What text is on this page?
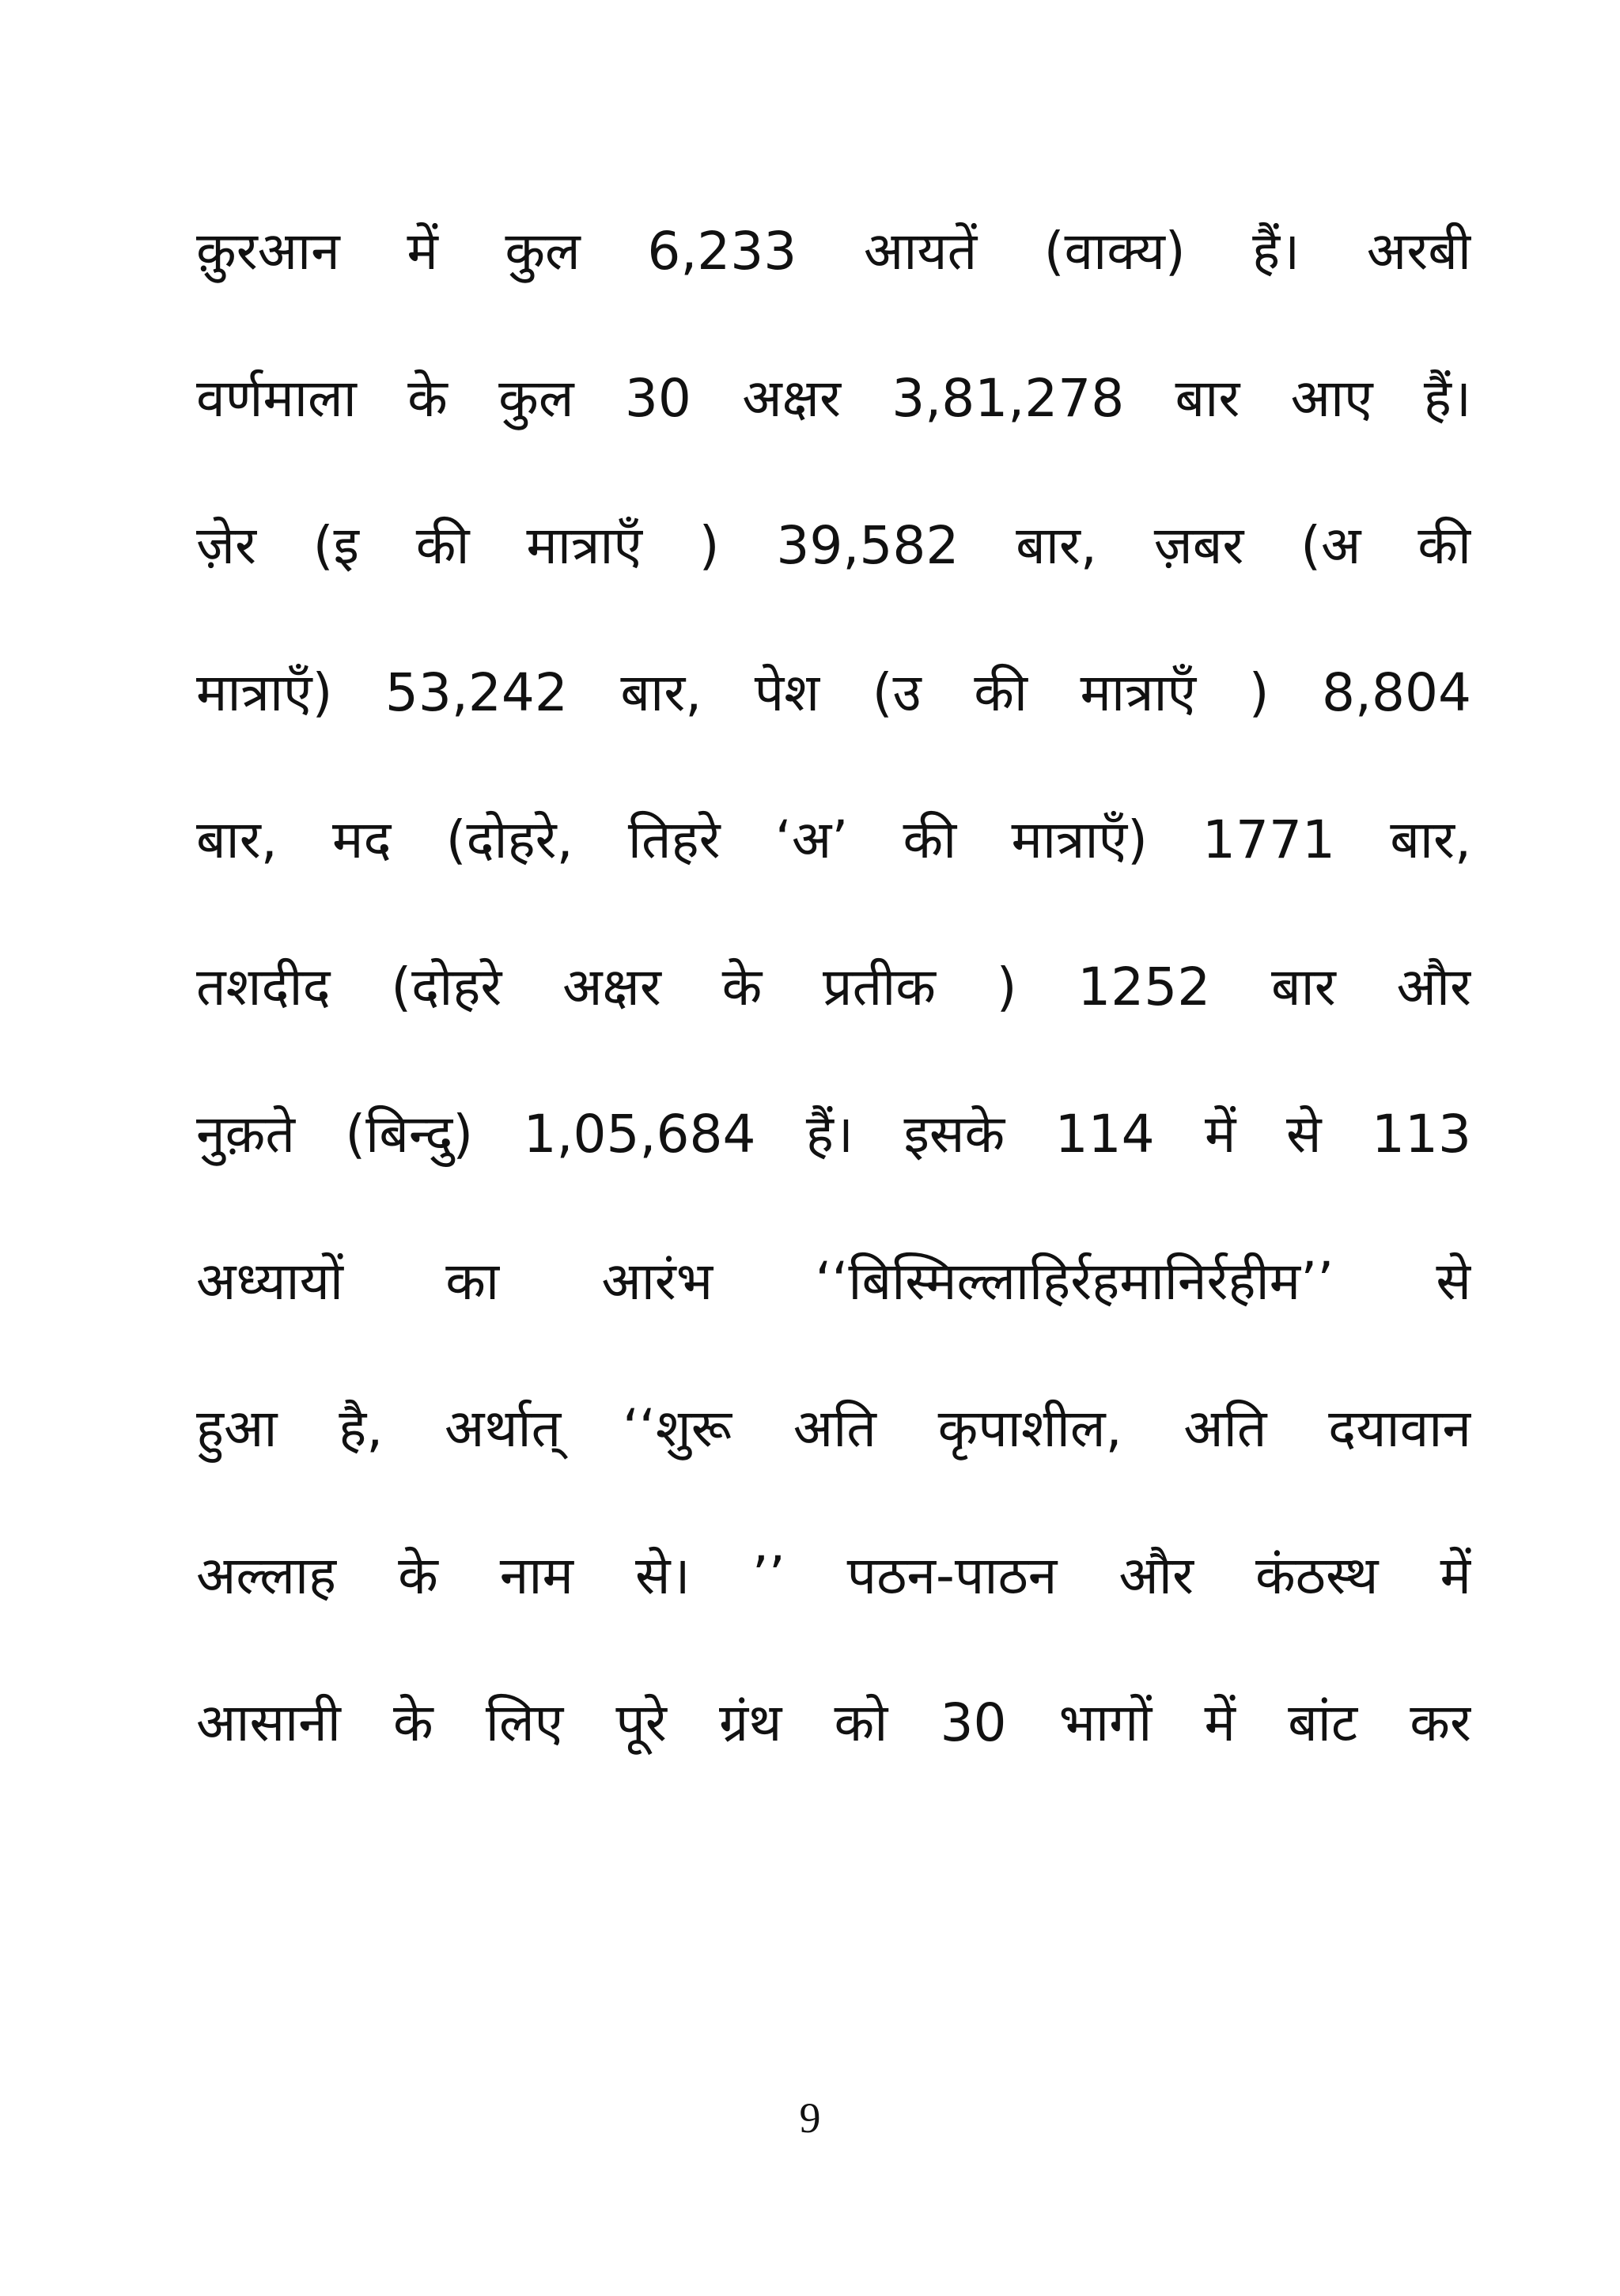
क़ुरआन में कुल 6,233 आयतें (वाक्य) हैं। अरबी
वर्णमाला के कुल 30 अक्षर 3,81,278 बार आए हैं।
ज़ेर (इ की मात्राएँ ) 39,582 बार, ज़बर (अ की
मात्राएँ) 53,242 बार, पेश (उ की मात्राएँ ) 8,804
बार, मद (दोहरे, तिहरे ‘अ’ की मात्राएँ) 1771 बार,
तशदीद (दोहरे अक्षर के प्रतीक ) 1252 बार और
नुक़ते (बिन्दु) 1,05,684 हैं। इसके 114 में से 113
अध्यायों का आरंभ ‘‘बिस्मिल्लाहिर्रहमानिर्रहीम’’ से
हुआ है, अर्थात् ‘‘शुरू अति कृपाशील, अति दयावान
अल्लाह के नाम से। ’’ पठन-पाठन और कंठस्थ में
आसानी के लिए पूरे ग्रंथ को 30 भागों में बांट कर
9
